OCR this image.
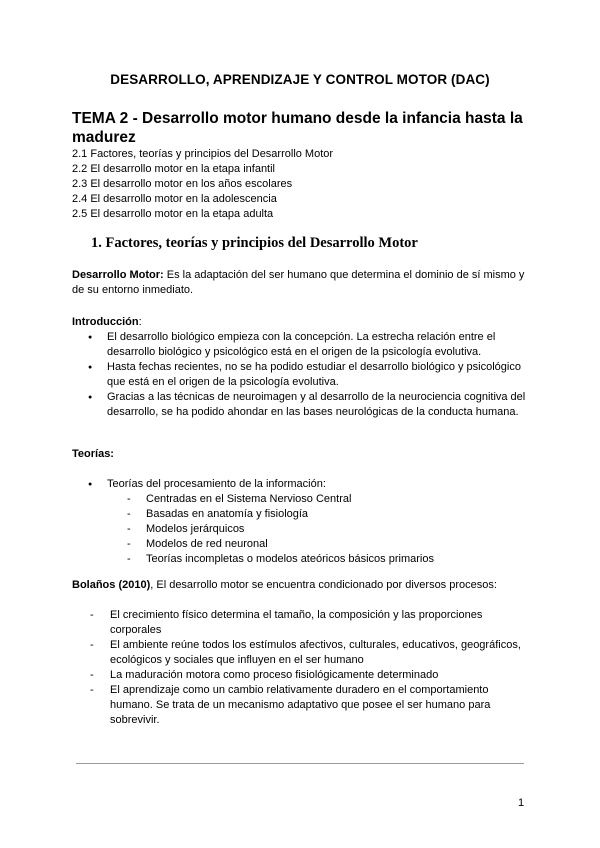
DESARROLLO, APRENDIZAJE Y CONTROL MOTOR (DAC)
TEMA 2 - Desarrollo motor humano desde la infancia hasta la madurez
2.1 Factores, teorías y principios del Desarrollo Motor
2.2 El desarrollo motor en la etapa infantil
2.3 El desarrollo motor en los años escolares
2.4 El desarrollo motor en la adolescencia
2.5 El desarrollo motor en la etapa adulta
1. Factores, teorías y principios del Desarrollo Motor
Desarrollo Motor: Es la adaptación del ser humano que determina el dominio de sí mismo y de su entorno inmediato.
Introducción:
● El desarrollo biológico empieza con la concepción. La estrecha relación entre el desarrollo biológico y psicológico está en el origen de la psicología evolutiva.
● Hasta fechas recientes, no se ha podido estudiar el desarrollo biológico y psicológico que está en el origen de la psicología evolutiva.
● Gracias a las técnicas de neuroimagen y al desarrollo de la neurociencia cognitiva del desarrollo, se ha podido ahondar en las bases neurológicas de la conducta humana.
Teorías:
● Teorías del procesamiento de la información:
- Centradas en el Sistema Nervioso Central
- Basadas en anatomía y fisiología
- Modelos jerárquicos
- Modelos de red neuronal
- Teorías incompletas o modelos ateóricos básicos primarios
Bolaños (2010), El desarrollo motor se encuentra condicionado por diversos procesos:
- El crecimiento físico determina el tamaño, la composición y las proporciones corporales
- El ambiente reúne todos los estímulos afectivos, culturales, educativos, geográficos, ecológicos y sociales que influyen en el ser humano
- La maduración motora como proceso fisiológicamente determinado
- El aprendizaje como un cambio relativamente duradero en el comportamiento humano. Se trata de un mecanismo adaptativo que posee el ser humano para sobrevivir.
1
